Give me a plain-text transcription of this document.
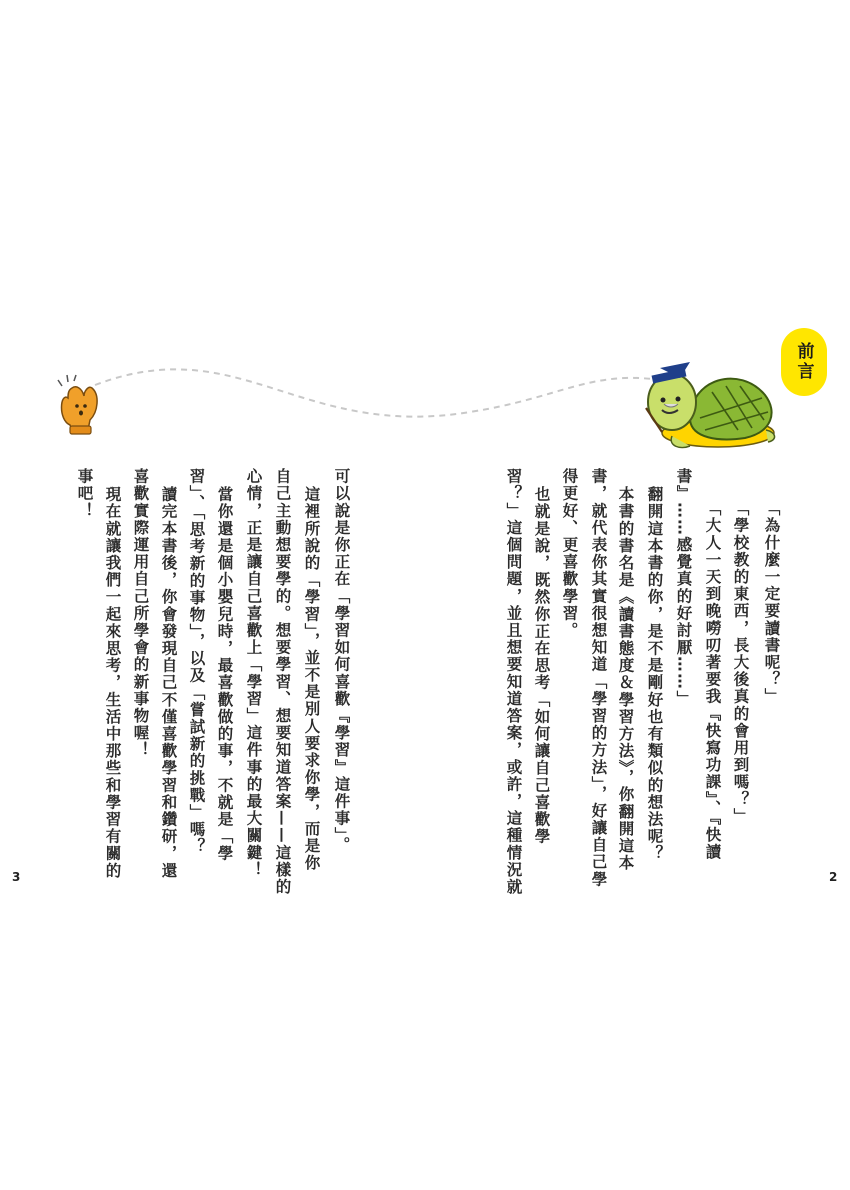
前言
「為什麼一定要讀書呢？」
「學校教的東西，長大後真的會用到嗎？」
「大人一天到晚嘮叨著要我『快寫功課』、『快讀
書』……感覺真的好討厭……」
翻開這本書的你，是不是剛好也有類似的想法呢？
本書的書名是《讀書態度＆學習方法》，你翻開這本
書，就代表你其實很想知道「學習的方法」，好讓自己學
得更好、更喜歡學習。
也就是說，既然你正在思考「如何讓自己喜歡學
習？」這個問題，並且想要知道答案，或許，這種情況就	2
可以說是你正在「學習如何喜歡『學習』這件事」。
這裡所說的「學習」，並不是別人要求你學，而是你
自己主動想要學的。想要學習、想要知道答案——這樣的
心情，正是讓自己喜歡上「學習」這件事的最大關鍵！
當你還是個小嬰兒時，最喜歡做的事，不就是「學
習」、「思考新的事物」，以及「嘗試新的挑戰」嗎？
讀完本書後，你會發現自己不僅喜歡學習和鑽研，還
喜歡實際運用自己所學會的新事物喔！
現在就讓我們一起來思考，生活中那些和學習有關的
事吧！
3
